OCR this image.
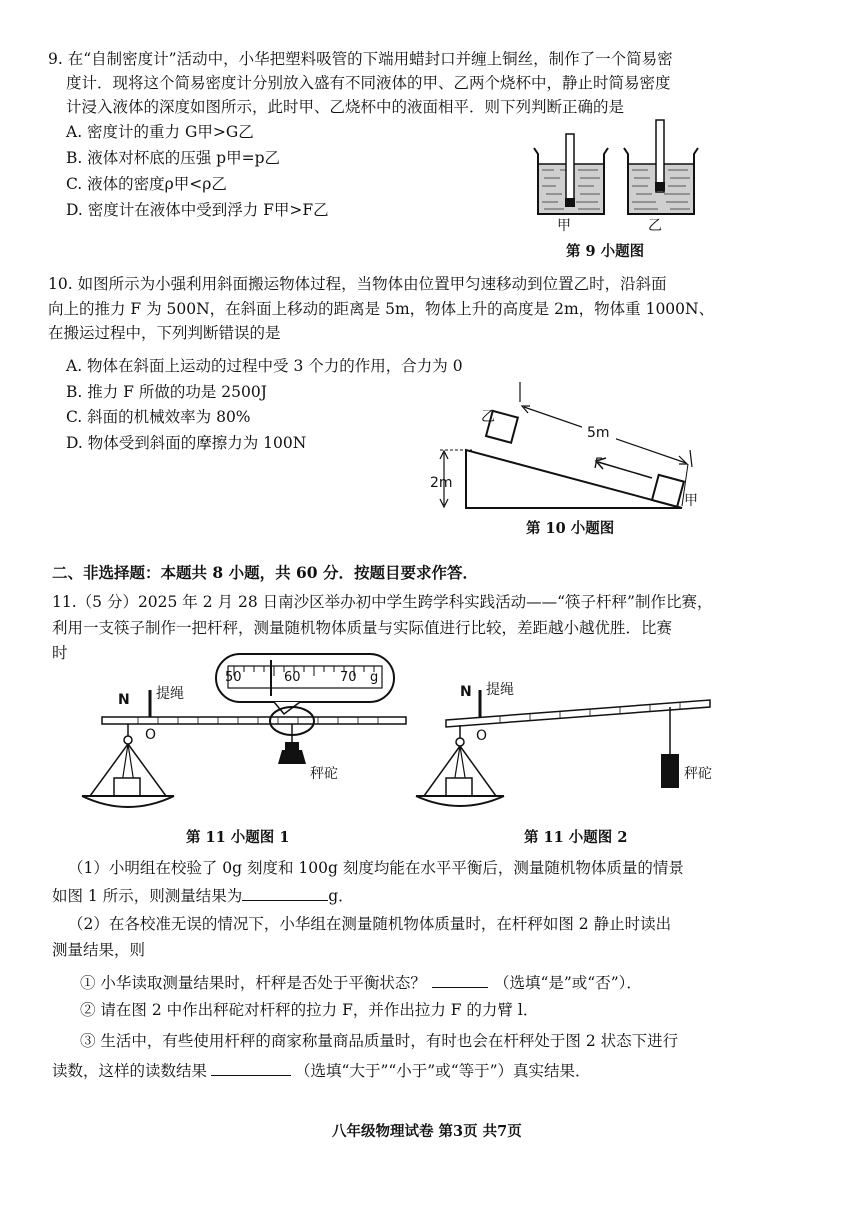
9. 在“自制密度计”活动中，小华把塑料吸管的下端用蜡封口并缠上铜丝，制作了一个简易密
度计．现将这个简易密度计分别放入盛有不同液体的甲、乙两个烧杯中，静止时简易密度
计浸入液体的深度如图所示，此时甲、乙烧杯中的液面相平．则下列判断正确的是
A. 密度计的重力 G甲>G乙
B. 液体对杯底的压强 p甲=p乙
C. 液体的密度ρ甲<ρ乙
D. 密度计在液体中受到浮力 F甲>F乙
甲	乙
第 9 小题图
10. 如图所示为小强利用斜面搬运物体过程，当物体由位置甲匀速移动到位置乙时，沿斜面
向上的推力 F 为 500N，在斜面上移动的距离是 5m，物体上升的高度是 2m，物体重 1000N、
在搬运过程中，下列判断错误的是
A. 物体在斜面上运动的过程中受 3 个力的作用，合力为 0
B. 推力 F 所做的功是 2500J
C. 斜面的机械效率为 80%
D. 物体受到斜面的摩擦力为 100N
乙
5m
F
2m
甲
第 10 小题图
二、非选择题：本题共 8 小题，共 60 分．按题目要求作答．
11.（5 分）2025 年 2 月 28 日南沙区举办初中学生跨学科实践活动——“筷子杆秤”制作比赛，
利用一支筷子制作一把杆秤，测量随机物体质量与实际值进行比较，差距越小越优胜．比赛
时
N 提绳
O
50	60	70 g
秤砣
第 11 小题图 1
N 提绳
O
秤砣
第 11 小题图 2
（1）小明组在校验了 0g 刻度和 100g 刻度均能在水平平衡后，测量随机物体质量的情景
如图 1 所示，则测量结果为	g．
（2）在各校准无误的情况下，小华组在测量随机物体质量时，在杆秤如图 2 静止时读出
测量结果，则
① 小华读取测量结果时，杆秤是否处于平衡状态？	（选填“是”或“否”）．
② 请在图 2 中作出秤砣对杆秤的拉力 F，并作出拉力 F 的力臂 l．
③ 生活中，有些使用杆秤的商家称量商品质量时，有时也会在杆秤处于图 2 状态下进行
读数，这样的读数结果	（选填“大于”“小于”或“等于”）真实结果．
八年级物理试卷 第3页 共7页
